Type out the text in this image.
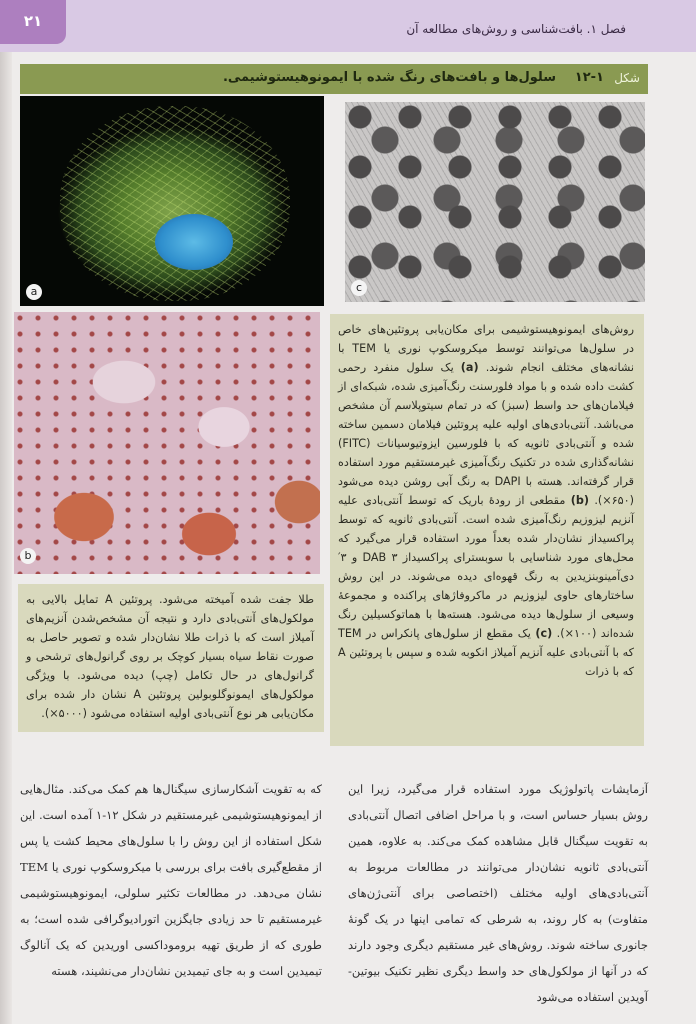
۲۱	فصل ۱. بافت‌شناسی و روش‌های مطالعه آن
شکل
۱۲-۱
سلول‌ها و بافت‌های رنگ شده با ایمونوهیستوشیمی.
a	c
b

روش‌های ایمونوهیستوشیمی برای مکان‌یابی پروتئین‌های خاص در سلول‌ها می‌توانند توسط میکروسکوپ نوری یا TEM با نشانه‌های مختلف انجام شوند. (a) یک سلول منفرد رحمی کشت داده شده و با مواد فلورسنت رنگ‌آمیزی شده، شبکه‌ای از فیلامان‌های حد واسط (سبز) که در تمام سیتوپلاسم آن مشخص می‌باشد. آنتی‌بادی‌های اولیه علیه پروتئین فیلامان دسمین ساخته شده و آنتی‌بادی ثانویه که با فلورسین ایزوتیوسیانات (FITC) نشانه‌گذاری شده در تکنیک رنگ‌آمیزی غیرمستقیم مورد استفاده قرار گرفته‌اند. هسته با DAPI به رنگ آبی روشن دیده می‌شود (۶۵۰×). (b) مقطعی از رودهٔ باریک که توسط آنتی‌بادی علیه آنزیم لیزوزیم رنگ‌آمیزی شده است. آنتی‌بادی ثانویه که توسط پراکسیداز نشان‌دار شده بعداً مورد استفاده قرار می‌گیرد که محل‌های مورد شناسایی با سوبسترای پراکسیداز DAB ۳ و ۳′ دی‌آمینوبنزیدین به رنگ قهوه‌ای دیده می‌شوند. در این روش ساختارهای حاوی لیزوزیم در ماکروفاژهای پراکنده و مجموعهٔ وسیعی از سلول‌ها دیده می‌شود. هسته‌ها با هماتوکسیلین رنگ شده‌اند (۱۰۰×). (c) یک مقطع از سلول‌های پانکراس در TEM که با آنتی‌بادی علیه آنزیم آمیلاز انکوبه شده و سپس با پروتئین A که با ذرات

طلا جفت شده آمیخته می‌شود. پروتئین A تمایل بالایی به مولکول‌های آنتی‌بادی دارد و نتیجه آن مشخص‌شدن آنزیم‌های آمیلاز است که با ذرات طلا نشان‌دار شده و تصویر حاصل به صورت نقاط سیاه بسیار کوچک بر روی گرانول‌های ترشحی و گرانول‌های در حال تکامل (چپ) دیده می‌شود. با ویژگی مولکول‌های ایمونوگلوبولین پروتئین A نشان دار شده برای مکان‌یابی هر نوع آنتی‌بادی اولیه استفاده می‌شود (۵۰۰۰×).

آزمایشات پاتولوژیک مورد استفاده قرار می‌گیرد، زیرا این روش بسیار حساس است، و با مراحل اضافی اتصال آنتی‌بادی به تقویت سیگنال قابل مشاهده کمک می‌کند. به علاوه، همین آنتی‌بادی ثانویه نشان‌دار می‌توانند در مطالعات مربوط به آنتی‌بادی‌های اولیه مختلف (اختصاصی برای آنتی‌ژن‌های متفاوت) به کار روند، به شرطی که تمامی اینها در یک گونهٔ جانوری ساخته شوند. روش‌های غیر مستقیم دیگری وجود دارند که در آنها از مولکول‌های حد واسط دیگری نظیر تکنیک بیوتین-آویدین استفاده می‌شود

که به تقویت آشکارسازی سیگنال‌ها هم کمک می‌کند. مثال‌هایی از ایمونوهیستوشیمی غیرمستقیم در شکل ۱۲-۱ آمده است. این شکل استفاده از این روش را با سلول‌های محیط کشت یا پس از مقطع‌گیری بافت برای بررسی با میکروسکوپ نوری یا TEM نشان می‌دهد. در مطالعات تکثیر سلولی، ایمونوهیستوشیمی غیرمستقیم تا حد زیادی جایگزین اتورادیوگرافی شده است؛ به طوری که از طریق تهیه بروموداکسی اوریدین که یک آنالوگ تیمیدین است و به جای تیمیدین نشان‌دار می‌نشیند، هسته
